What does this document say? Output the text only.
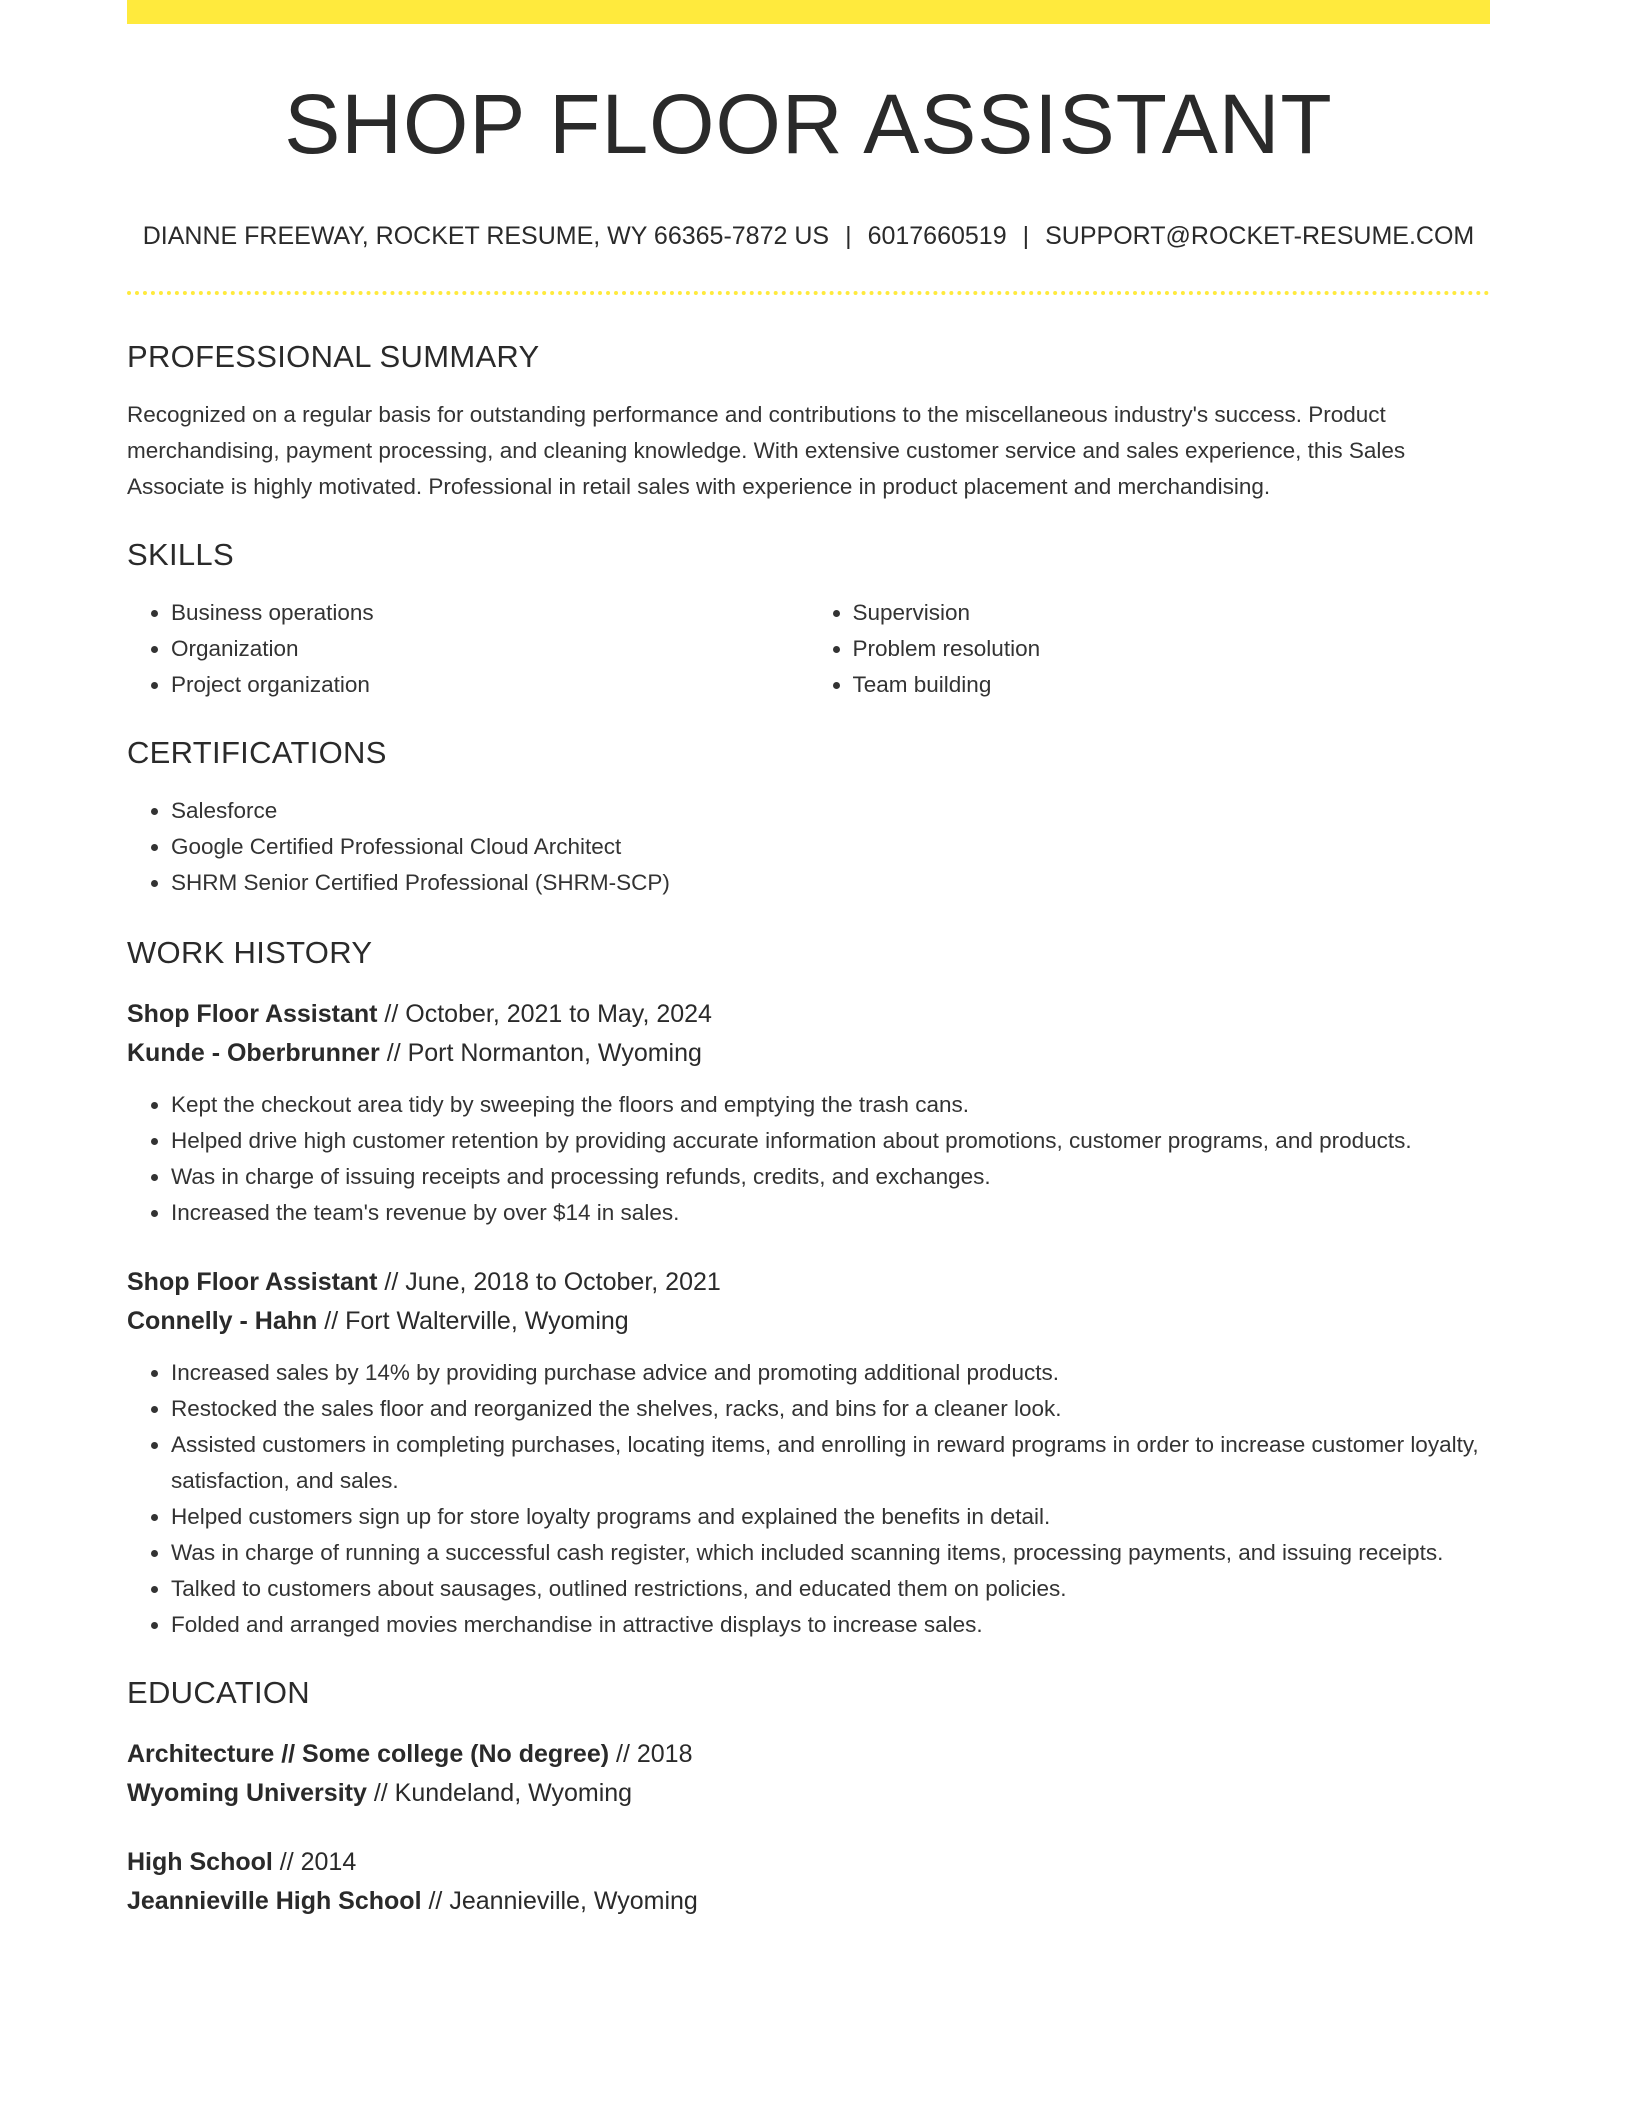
SHOP FLOOR ASSISTANT
DIANNE FREEWAY, ROCKET RESUME, WY 66365-7872 US | 6017660519 | SUPPORT@ROCKET-RESUME.COM
PROFESSIONAL SUMMARY

Recognized on a regular basis for outstanding performance and contributions to the miscellaneous industry's success. Product merchandising, payment processing, and cleaning knowledge. With extensive customer service and sales experience, this Sales Associate is highly motivated. Professional in retail sales with experience in product placement and merchandising.

SKILLS
• Business operations
• Organization
• Project organization
• Supervision
• Problem resolution
• Team building
CERTIFICATIONS
• Salesforce
• Google Certified Professional Cloud Architect
• SHRM Senior Certified Professional (SHRM-SCP)
WORK HISTORY
Shop Floor Assistant // October, 2021 to May, 2024
Kunde - Oberbrunner // Port Normanton, Wyoming
• Kept the checkout area tidy by sweeping the floors and emptying the trash cans.
• Helped drive high customer retention by providing accurate information about promotions, customer programs, and products.
• Was in charge of issuing receipts and processing refunds, credits, and exchanges.
• Increased the team's revenue by over $14 in sales.
Shop Floor Assistant // June, 2018 to October, 2021
Connelly - Hahn // Fort Walterville, Wyoming
• Increased sales by 14% by providing purchase advice and promoting additional products.
• Restocked the sales floor and reorganized the shelves, racks, and bins for a cleaner look.
• Assisted customers in completing purchases, locating items, and enrolling in reward programs in order to increase customer loyalty, satisfaction, and sales.
• Helped customers sign up for store loyalty programs and explained the benefits in detail.
• Was in charge of running a successful cash register, which included scanning items, processing payments, and issuing receipts.
• Talked to customers about sausages, outlined restrictions, and educated them on policies.
• Folded and arranged movies merchandise in attractive displays to increase sales.
EDUCATION
Architecture // Some college (No degree) // 2018
Wyoming University // Kundeland, Wyoming
High School // 2014
Jeannieville High School // Jeannieville, Wyoming
